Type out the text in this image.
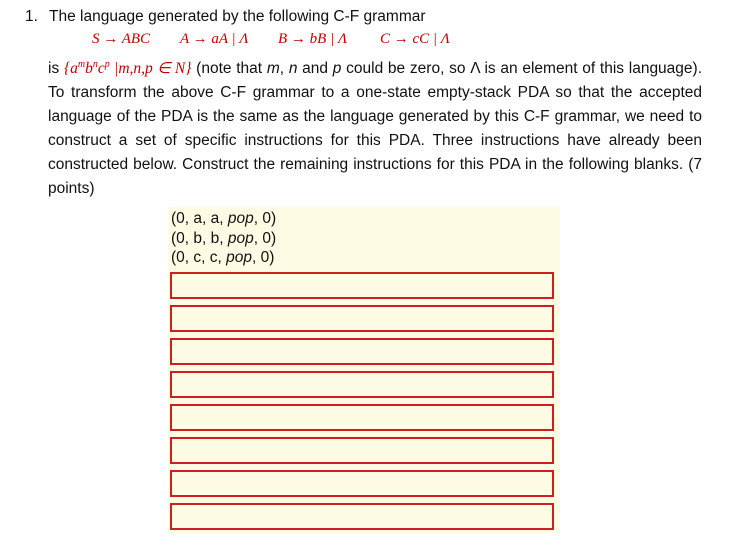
1. The language generated by the following C-F grammar
S → ABC A → aA | Λ B → bB | Λ C → cC | Λ
is {$a^mb^nc^p$ |m,n,p ∈ N} (note that m, n and p could be zero, so Λ is an element of this language). To transform the above C-F grammar to a one-state empty-stack PDA so that the accepted language of the PDA is the same as the language generated by this C-F grammar, we need to construct a set of specific instructions for this PDA. Three instructions have already been constructed below. Construct the remaining instructions for this PDA in the following blanks. (7 points)
(0, a, a, pop, 0)
(0, b, b, pop, 0)
(0, c, c, pop, 0)
